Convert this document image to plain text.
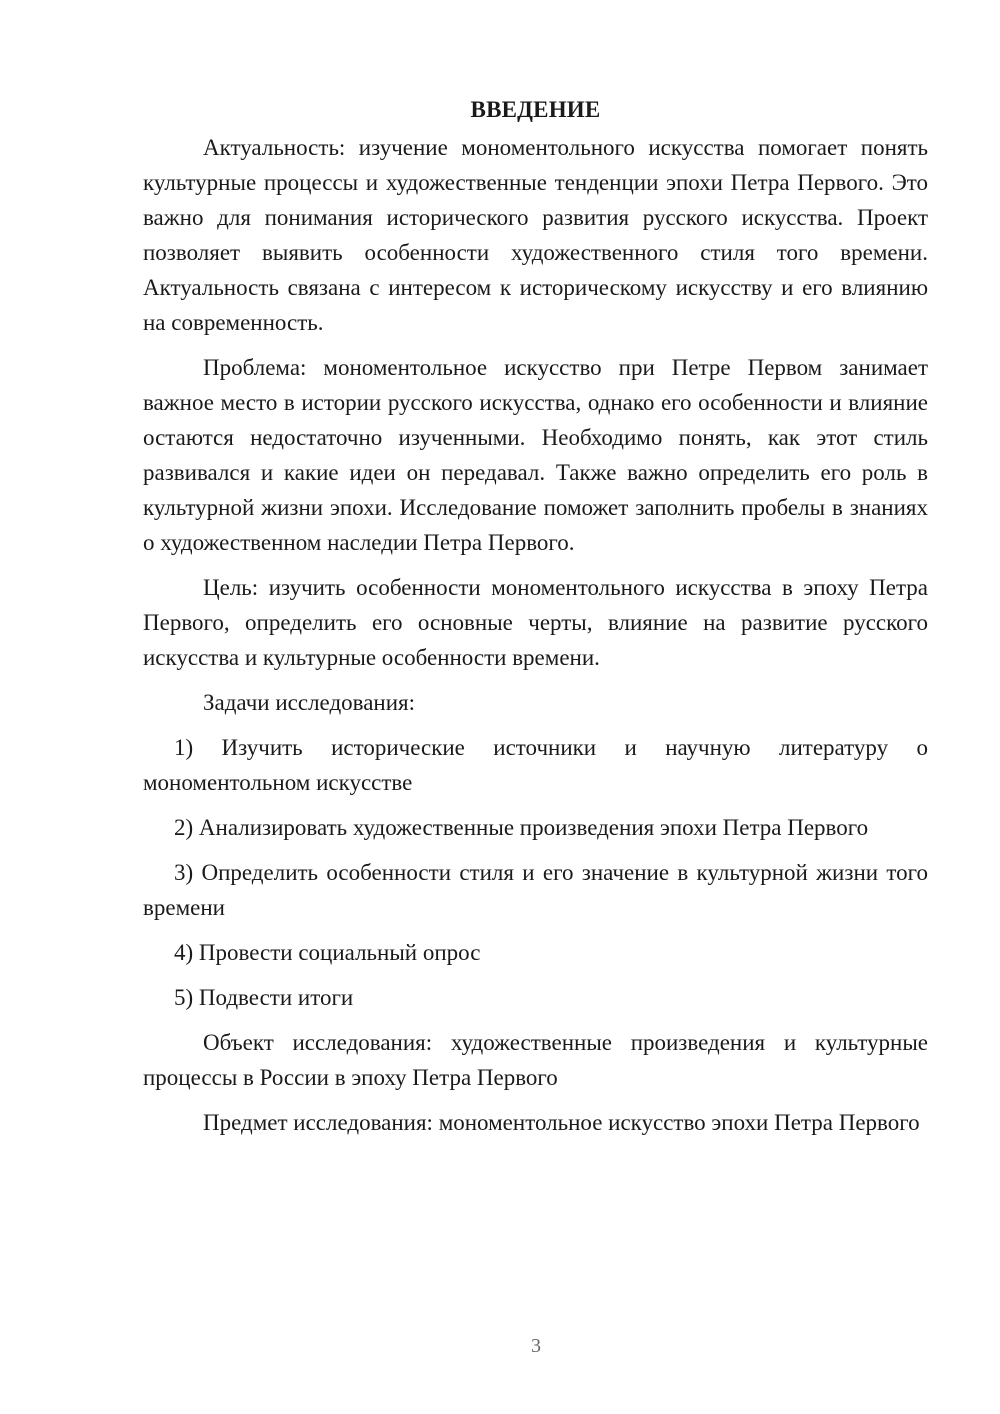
ВВЕДЕНИЕ

Актуальность: изучение мономентольного искусства помогает понять культурные процессы и художественные тенденции эпохи Петра Первого. Это важно для понимания исторического развития русского искусства. Проект позволяет выявить особенности художественного стиля того времени. Актуальность связана с интересом к историческому искусству и его влиянию на современность.

Проблема: мономентольное искусство при Петре Первом занимает важное место в истории русского искусства, однако его особенности и влияние остаются недостаточно изученными. Необходимо понять, как этот стиль развивался и какие идеи он передавал. Также важно определить его роль в культурной жизни эпохи. Исследование поможет заполнить пробелы в знаниях о художественном наследии Петра Первого.

Цель: изучить особенности мономентольного искусства в эпоху Петра Первого, определить его основные черты, влияние на развитие русского искусства и культурные особенности времени.

Задачи исследования:

1) Изучить исторические источники и научную литературу о мономентольном искусстве

2) Анализировать художественные произведения эпохи Петра Первого

3) Определить особенности стиля и его значение в культурной жизни того времени

4) Провести социальный опрос

5) Подвести итоги

Объект исследования: художественные произведения и культурные процессы в России в эпоху Петра Первого

Предмет исследования: мономентольное искусство эпохи Петра Первого

3
